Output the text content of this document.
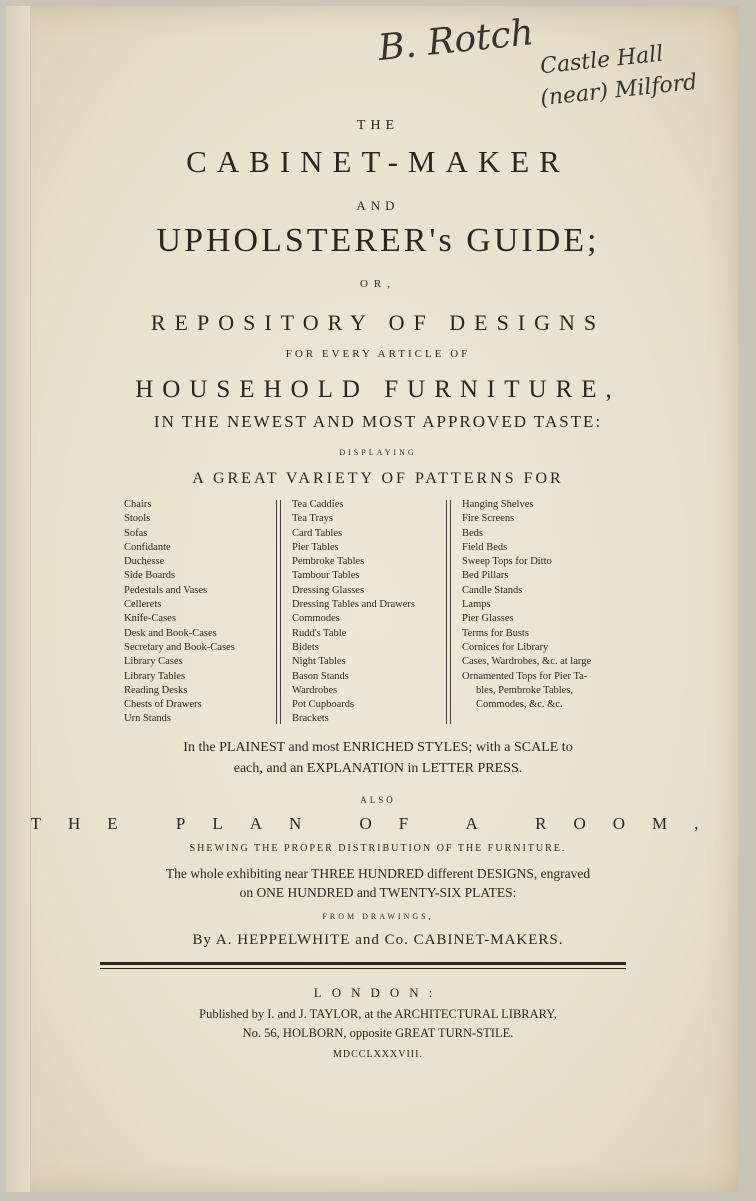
B. Rotch Castle Hall
(near) Milford
THE
CABINET-MAKER
AND
UPHOLSTERER's GUIDE;
OR,
REPOSITORY OF DESIGNS
FOR EVERY ARTICLE OF
HOUSEHOLD FURNITURE,
IN THE NEWEST AND MOST APPROVED TASTE:
DISPLAYING
A GREAT VARIETY OF PATTERNS FOR
Chairs
Stools
Sofas
Confidante
Duchesse
Side Boards
Pedestals and Vases
Cellerets
Knife-Cases
Desk and Book-Cases
Secretary and Book-Cases
Library Cases
Library Tables
Reading Desks
Chests of Drawers
Urn Stands
Tea Caddies
Tea Trays
Card Tables
Pier Tables
Pembroke Tables
Tambour Tables
Dressing Glasses
Dressing Tables and Drawers
Commodes
Rudd's Table
Bidets
Night Tables
Bason Stands
Wardrobes
Pot Cupboards
Brackets
Hanging Shelves
Fire Screens
Beds
Field Beds
Sweep Tops for Ditto
Bed Pillars
Candle Stands
Lamps
Pier Glasses
Terms for Busts
Cornices for Library
Cases, Wardrobes, &c. at large
Ornamented Tops for Pier Ta-
bles, Pembroke Tables,
Commodes, &c. &c.
In the PLAINEST and most ENRICHED STYLES; with a SCALE to
each, and an EXPLANATION in LETTER PRESS.
ALSO
THE PLAN OF A ROOM,
SHEWING THE PROPER DISTRIBUTION OF THE FURNITURE.
The whole exhibiting near THREE HUNDRED different DESIGNS, engraved
on ONE HUNDRED and TWENTY-SIX PLATES:
FROM DRAWINGS,
By A. HEPPELWHITE and Co. CABINET-MAKERS.
LONDON:
Published by I. and J. TAYLOR, at the ARCHITECTURAL LIBRARY,
No. 56, HOLBORN, opposite GREAT TURN-STILE.
MDCCLXXXVIII.
